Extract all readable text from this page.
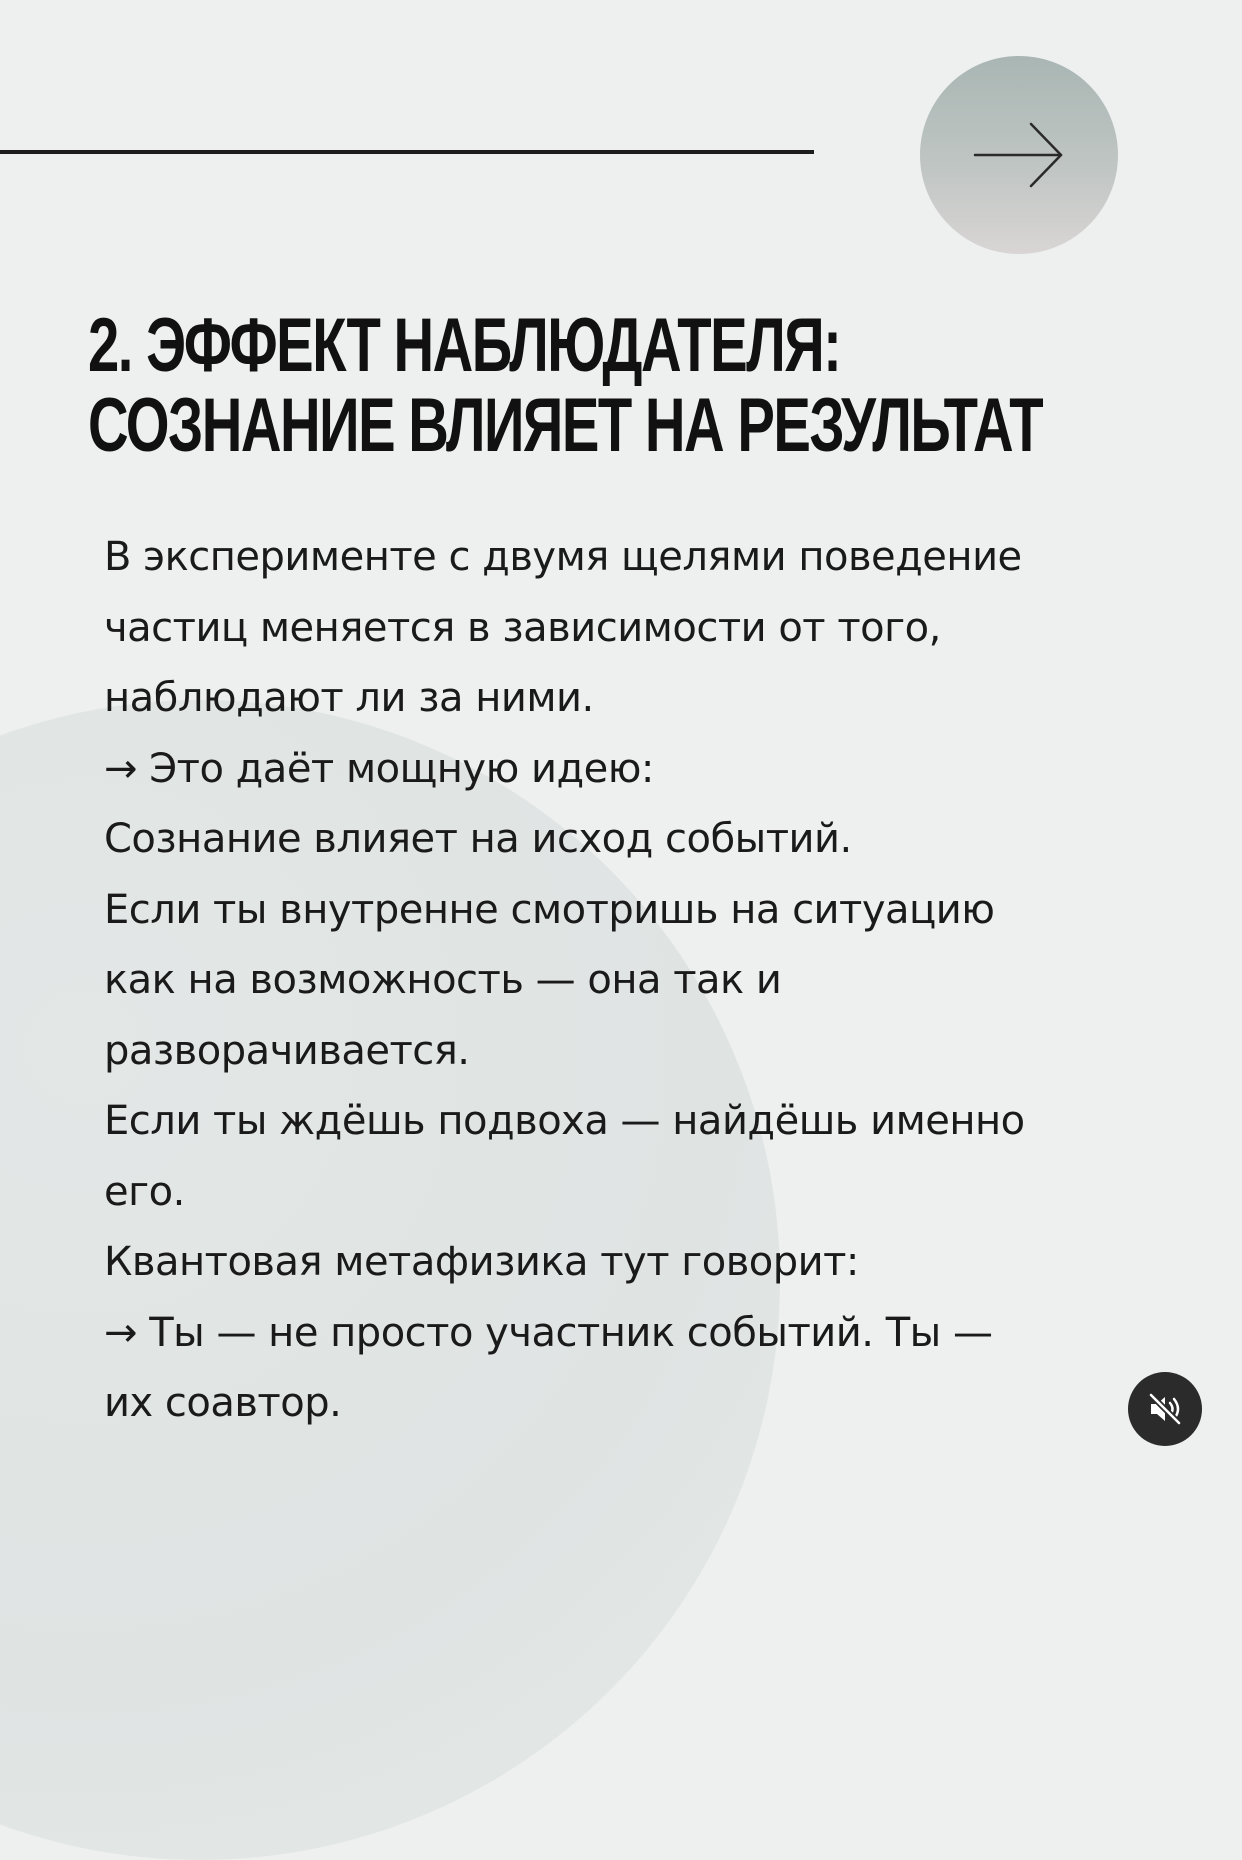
2. ЭФФЕКТ НАБЛЮДАТЕЛЯ:
СОЗНАНИЕ ВЛИЯЕТ НА РЕЗУЛЬТАТ
В эксперименте с двумя щелями поведение
частиц меняется в зависимости от того,
наблюдают ли за ними.
→ Это даёт мощную идею:
Сознание влияет на исход событий.
Если ты внутренне смотришь на ситуацию
как на возможность — она так и
разворачивается.
Если ты ждёшь подвоха — найдёшь именно
его.
Квантовая метафизика тут говорит:
→ Ты — не просто участник событий. Ты —
их соавтор.
